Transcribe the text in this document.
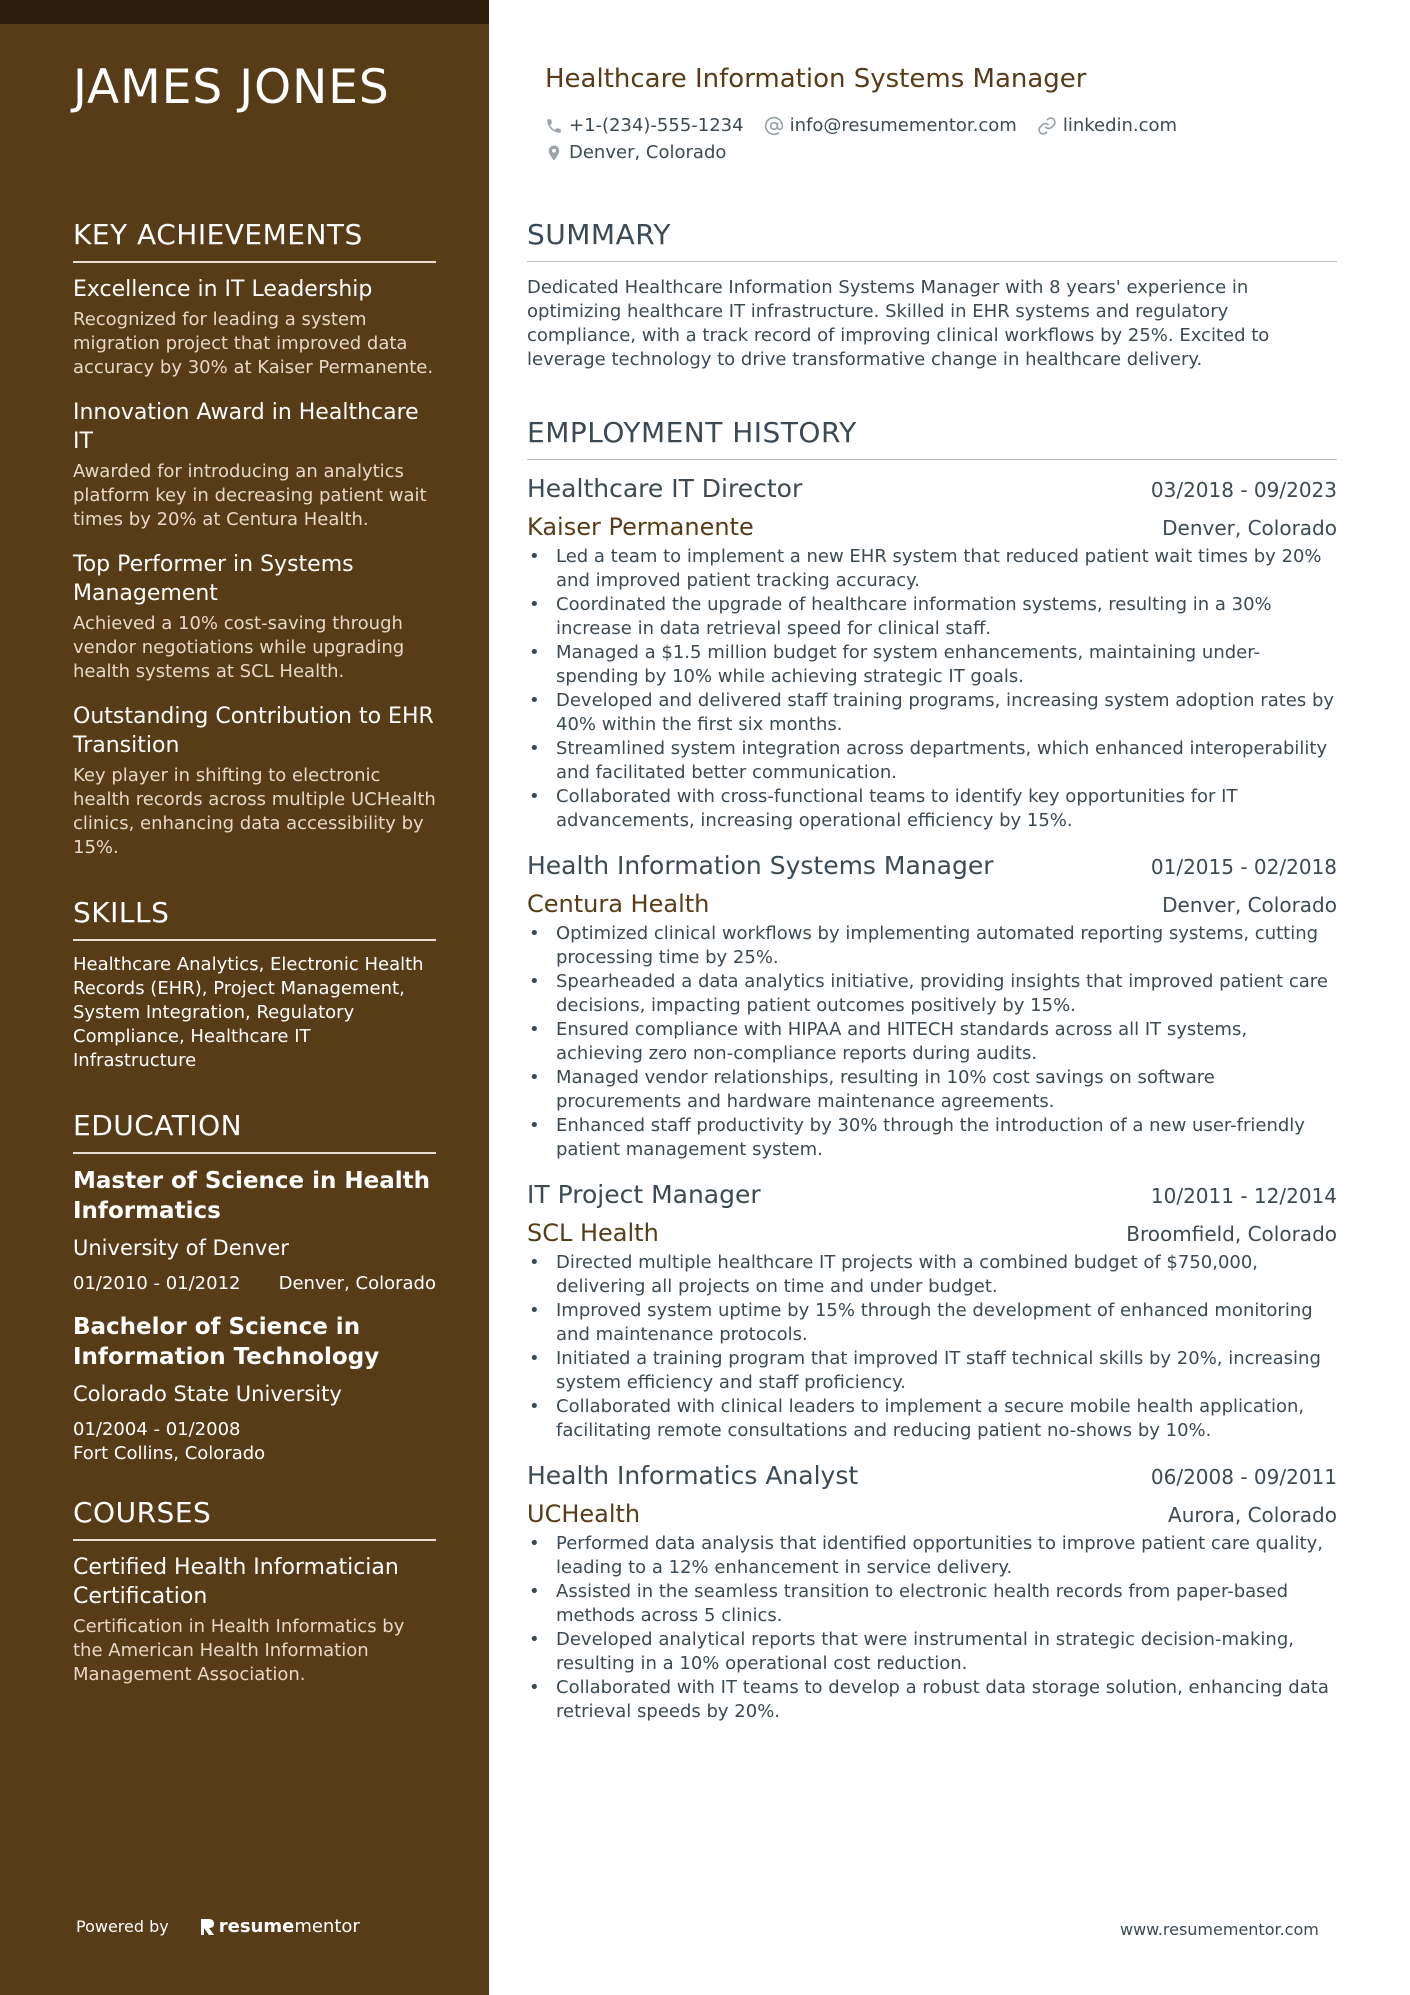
JAMES JONES
KEY ACHIEVEMENTS
Excellence in IT Leadership
Recognized for leading a system migration project that improved data accuracy by 30% at Kaiser Permanente.
Innovation Award in Healthcare IT
Awarded for introducing an analytics platform key in decreasing patient wait times by 20% at Centura Health.
Top Performer in Systems Management
Achieved a 10% cost-saving through vendor negotiations while upgrading health systems at SCL Health.
Outstanding Contribution to EHR Transition
Key player in shifting to electronic health records across multiple UCHealth clinics, enhancing data accessibility by 15%.
SKILLS
Healthcare Analytics, Electronic Health Records (EHR), Project Management, System Integration, Regulatory Compliance, Healthcare IT Infrastructure
EDUCATION
Master of Science in Health Informatics
University of Denver
01/2010 - 01/2012 Denver, Colorado
Bachelor of Science in Information Technology
Colorado State University
01/2004 - 01/2008
Fort Collins, Colorado
COURSES
Certified Health Informatician Certification
Certification in Health Informatics by the American Health Information Management Association.
Powered by	resume mentor
Healthcare Information Systems Manager
+1-(234)-555-1234	info@resumementor.com	linkedin.com
Denver, Colorado
SUMMARY
Dedicated Healthcare Information Systems Manager with 8 years' experience in optimizing healthcare IT infrastructure. Skilled in EHR systems and regulatory compliance, with a track record of improving clinical workflows by 25%. Excited to leverage technology to drive transformative change in healthcare delivery.
EMPLOYMENT HISTORY
Healthcare IT Director	03/2018 - 09/2023
Kaiser Permanente	Denver, Colorado
• Led a team to implement a new EHR system that reduced patient wait times by 20% and improved patient tracking accuracy.
• Coordinated the upgrade of healthcare information systems, resulting in a 30% increase in data retrieval speed for clinical staff.
• Managed a $1.5 million budget for system enhancements, maintaining under-spending by 10% while achieving strategic IT goals.
• Developed and delivered staff training programs, increasing system adoption rates by 40% within the first six months.
• Streamlined system integration across departments, which enhanced interoperability and facilitated better communication.
• Collaborated with cross-functional teams to identify key opportunities for IT advancements, increasing operational efficiency by 15%.
Health Information Systems Manager	01/2015 - 02/2018
Centura Health	Denver, Colorado
• Optimized clinical workflows by implementing automated reporting systems, cutting processing time by 25%.
• Spearheaded a data analytics initiative, providing insights that improved patient care decisions, impacting patient outcomes positively by 15%.
• Ensured compliance with HIPAA and HITECH standards across all IT systems, achieving zero non-compliance reports during audits.
• Managed vendor relationships, resulting in 10% cost savings on software procurements and hardware maintenance agreements.
• Enhanced staff productivity by 30% through the introduction of a new user-friendly patient management system.
IT Project Manager	10/2011 - 12/2014
SCL Health	Broomfield, Colorado
• Directed multiple healthcare IT projects with a combined budget of $750,000, delivering all projects on time and under budget.
• Improved system uptime by 15% through the development of enhanced monitoring and maintenance protocols.
• Initiated a training program that improved IT staff technical skills by 20%, increasing system efficiency and staff proficiency.
• Collaborated with clinical leaders to implement a secure mobile health application, facilitating remote consultations and reducing patient no-shows by 10%.
Health Informatics Analyst	06/2008 - 09/2011
UCHealth	Aurora, Colorado
• Performed data analysis that identified opportunities to improve patient care quality, leading to a 12% enhancement in service delivery.
• Assisted in the seamless transition to electronic health records from paper-based methods across 5 clinics.
• Developed analytical reports that were instrumental in strategic decision-making, resulting in a 10% operational cost reduction.
• Collaborated with IT teams to develop a robust data storage solution, enhancing data retrieval speeds by 20%.
www.resumementor.com
